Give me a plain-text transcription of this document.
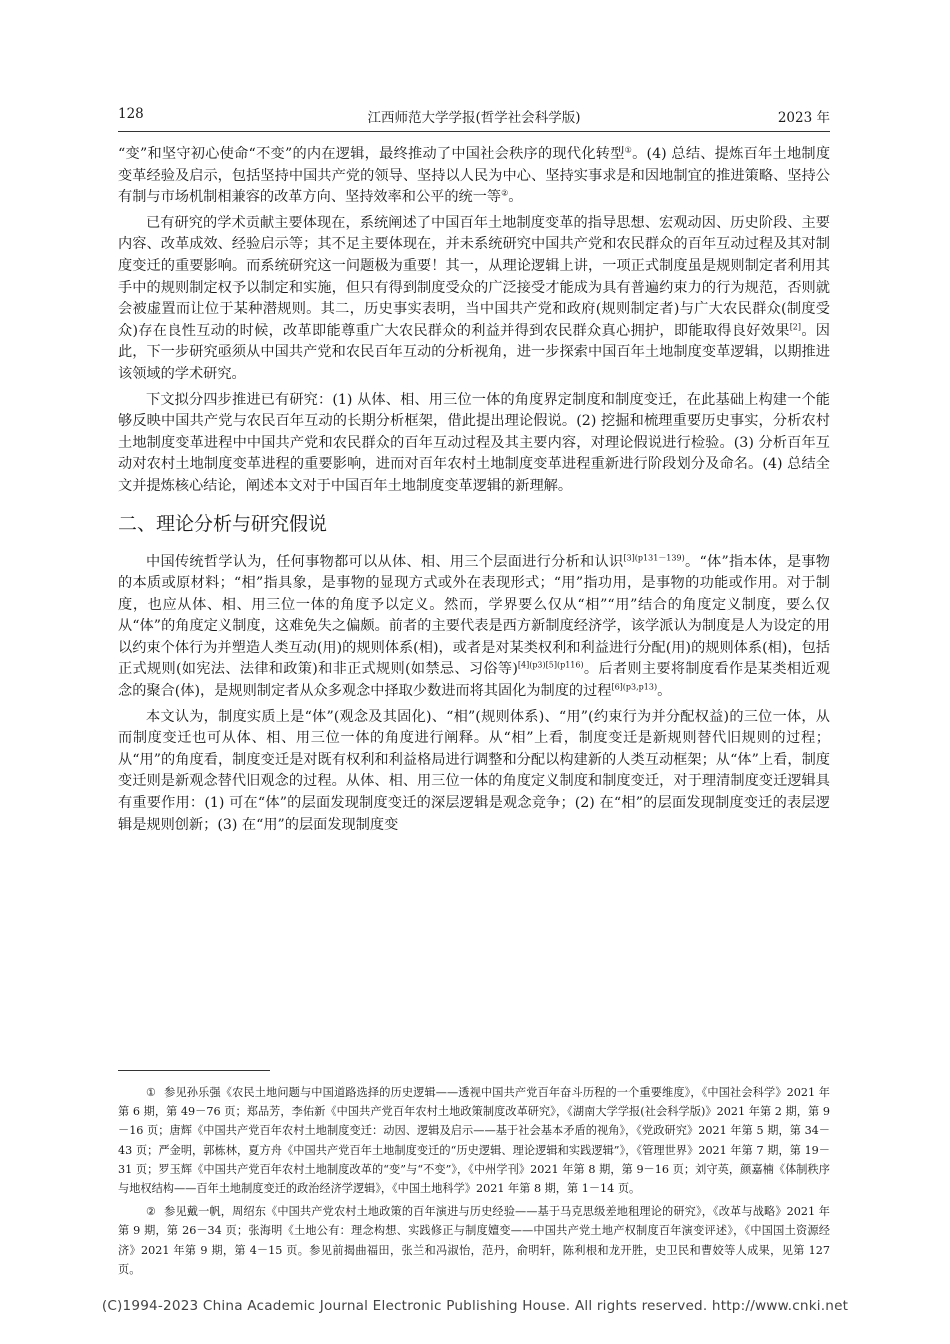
128	江西师范大学学报(哲学社会科学版)	2023 年

“变”和坚守初心使命“不变”的内在逻辑，最终推动了中国社会秩序的现代化转型①。(4) 总结、提炼百年土地制度变革经验及启示，包括坚持中国共产党的领导、坚持以人民为中心、坚持实事求是和因地制宜的推进策略、坚持公有制与市场机制相兼容的改革方向、坚持效率和公平的统一等②。

已有研究的学术贡献主要体现在，系统阐述了中国百年土地制度变革的指导思想、宏观动因、历史阶段、主要内容、改革成效、经验启示等；其不足主要体现在，并未系统研究中国共产党和农民群众的百年互动过程及其对制度变迁的重要影响。而系统研究这一问题极为重要！其一，从理论逻辑上讲，一项正式制度虽是规则制定者利用其手中的规则制定权予以制定和实施，但只有得到制度受众的广泛接受才能成为具有普遍约束力的行为规范，否则就会被虚置而让位于某种潜规则。其二，历史事实表明，当中国共产党和政府(规则制定者)与广大农民群众(制度受众)存在良性互动的时候，改革即能尊重广大农民群众的利益并得到农民群众真心拥护，即能取得良好效果[2]。因此，下一步研究亟须从中国共产党和农民百年互动的分析视角，进一步探索中国百年土地制度变革逻辑，以期推进该领域的学术研究。

下文拟分四步推进已有研究：(1) 从体、相、用三位一体的角度界定制度和制度变迁，在此基础上构建一个能够反映中国共产党与农民百年互动的长期分析框架，借此提出理论假说。(2) 挖掘和梳理重要历史事实，分析农村土地制度变革进程中中国共产党和农民群众的百年互动过程及其主要内容，对理论假说进行检验。(3) 分析百年互动对农村土地制度变革进程的重要影响，进而对百年农村土地制度变革进程重新进行阶段划分及命名。(4) 总结全文并提炼核心结论，阐述本文对于中国百年土地制度变革逻辑的新理解。

二、理论分析与研究假说

中国传统哲学认为，任何事物都可以从体、相、用三个层面进行分析和认识$^{[3](p131-139)}$。“体”指本体，是事物的本质或原材料；“相”指具象，是事物的显现方式或外在表现形式；“用”指功用，是事物的功能或作用。对于制度，也应从体、相、用三位一体的角度予以定义。然而，学界要么仅从“相”“用”结合的角度定义制度，要么仅从“体”的角度定义制度，这难免失之偏颇。前者的主要代表是西方新制度经济学，该学派认为制度是人为设定的用以约束个体行为并塑造人类互动(用)的规则体系(相)，或者是对某类权利和利益进行分配(用)的规则体系(相)，包括正式规则(如宪法、法律和政策)和非正式规则(如禁忌、习俗等)$^{[4](p3)[5](p116)}$。后者则主要将制度看作是某类相近观念的聚合(体)，是规则制定者从众多观念中择取少数进而将其固化为制度的过程$^{[6](p3,p13)}$。

本文认为，制度实质上是“体”(观念及其固化)、“相”(规则体系)、“用”(约束行为并分配权益)的三位一体，从而制度变迁也可从体、相、用三位一体的角度进行阐释。从“相”上看，制度变迁是新规则替代旧规则的过程；从“用”的角度看，制度变迁是对既有权利和利益格局进行调整和分配以构建新的人类互动框架；从“体”上看，制度变迁则是新观念替代旧观念的过程。从体、相、用三位一体的角度定义制度和制度变迁，对于理清制度变迁逻辑具有重要作用：(1) 可在“体”的层面发现制度变迁的深层逻辑是观念竞争；(2) 在“相”的层面发现制度变迁的表层逻辑是规则创新；(3) 在“用”的层面发现制度变

① 参见孙乐强《农民土地问题与中国道路选择的历史逻辑——透视中国共产党百年奋斗历程的一个重要维度》，《中国社会科学》2021 年第 6 期，第 49－76 页；郑品芳，李佑新《中国共产党百年农村土地政策制度改革研究》，《湖南大学学报(社会科学版)》2021 年第 2 期，第 9－16 页；唐辉《中国共产党百年农村土地制度变迁：动因、逻辑及启示——基于社会基本矛盾的视角》，《党政研究》2021 年第 5 期，第 34－43 页；严金明，郭栋林，夏方舟《中国共产党百年土地制度变迁的“历史逻辑、理论逻辑和实践逻辑”》，《管理世界》2021 年第 7 期，第 19－31 页；罗玉辉《中国共产党百年农村土地制度改革的“变”与“不变”》，《中州学刊》2021 年第 8 期，第 9－16 页；刘守英，颜嘉楠《体制秩序与地权结构——百年土地制度变迁的政治经济学逻辑》，《中国土地科学》2021 年第 8 期，第 1－14 页。

② 参见戴一帆，周绍东《中国共产党农村土地政策的百年演进与历史经验——基于马克思级差地租理论的研究》，《改革与战略》2021 年第 9 期，第 26－34 页；张海明《土地公有：理念构想、实践修正与制度嬗变——中国共产党土地产权制度百年演变评述》，《中国国土资源经济》2021 年第 9 期，第 4－15 页。参见前揭曲福田，张兰和冯淑怡，范丹，俞明轩，陈利根和龙开胜，史卫民和曹姣等人成果，见第 127 页。

(C)1994-2023 China Academic Journal Electronic Publishing House. All rights reserved. http://www.cnki.net
